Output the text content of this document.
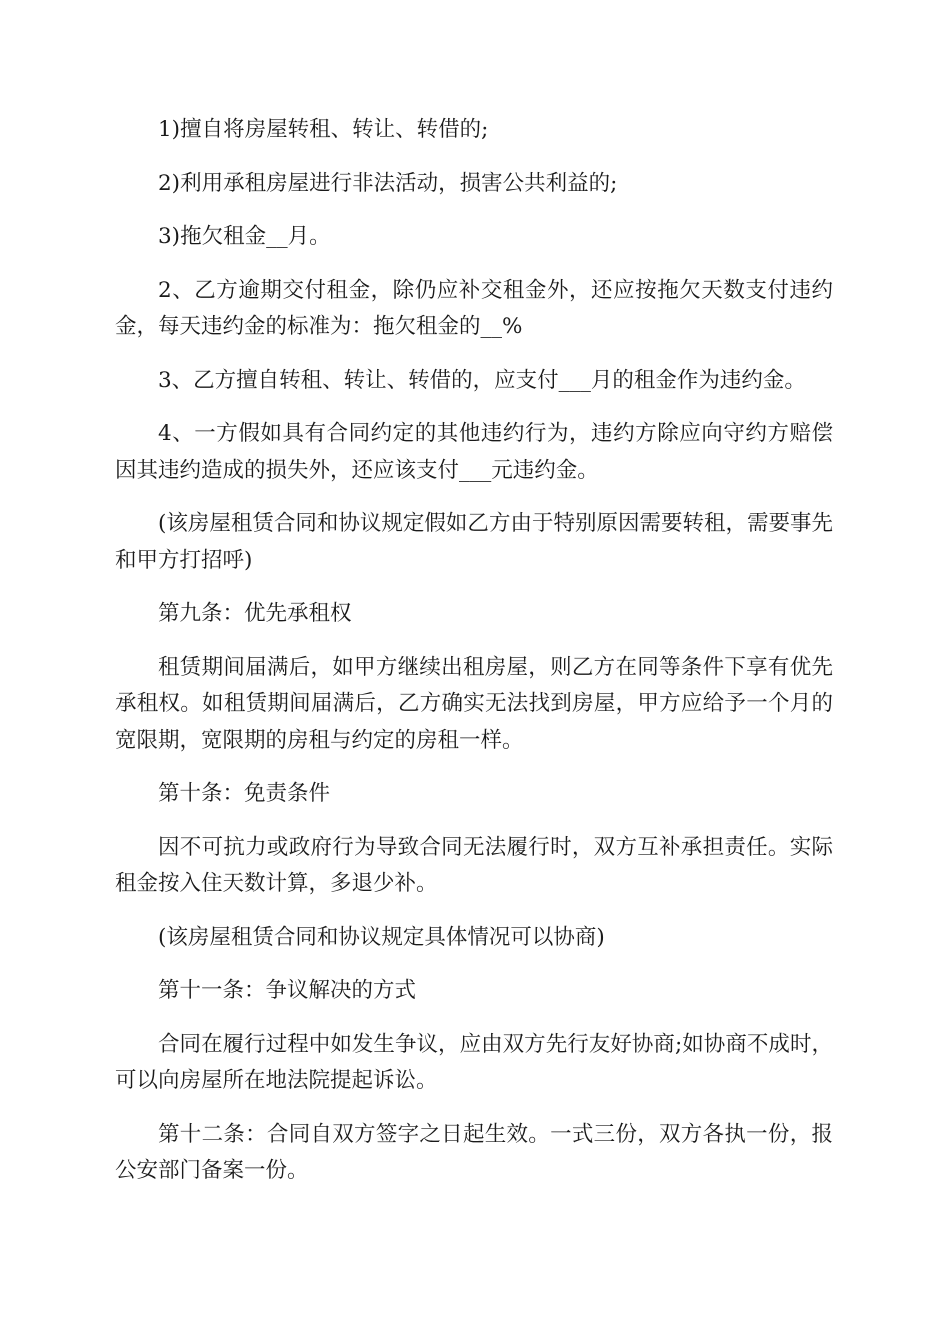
1)擅自将房屋转租、转让、转借的;

2)利用承租房屋进行非法活动，损害公共利益的;

3)拖欠租金__月。

2、乙方逾期交付租金，除仍应补交租金外，还应按拖欠天数支付违约金，每天违约金的标准为：拖欠租金的__%

3、乙方擅自转租、转让、转借的，应支付___月的租金作为违约金。

4、一方假如具有合同约定的其他违约行为，违约方除应向守约方赔偿因其违约造成的损失外，还应该支付___元违约金。

(该房屋租赁合同和协议规定假如乙方由于特别原因需要转租，需要事先和甲方打招呼)

第九条：优先承租权

租赁期间届满后，如甲方继续出租房屋，则乙方在同等条件下享有优先承租权。如租赁期间届满后，乙方确实无法找到房屋，甲方应给予一个月的宽限期，宽限期的房租与约定的房租一样。

第十条：免责条件

因不可抗力或政府行为导致合同无法履行时，双方互补承担责任。实际租金按入住天数计算，多退少补。

(该房屋租赁合同和协议规定具体情况可以协商)

第十一条：争议解决的方式

合同在履行过程中如发生争议，应由双方先行友好协商;如协商不成时，可以向房屋所在地法院提起诉讼。

第十二条：合同自双方签字之日起生效。一式三份，双方各执一份，报公安部门备案一份。
